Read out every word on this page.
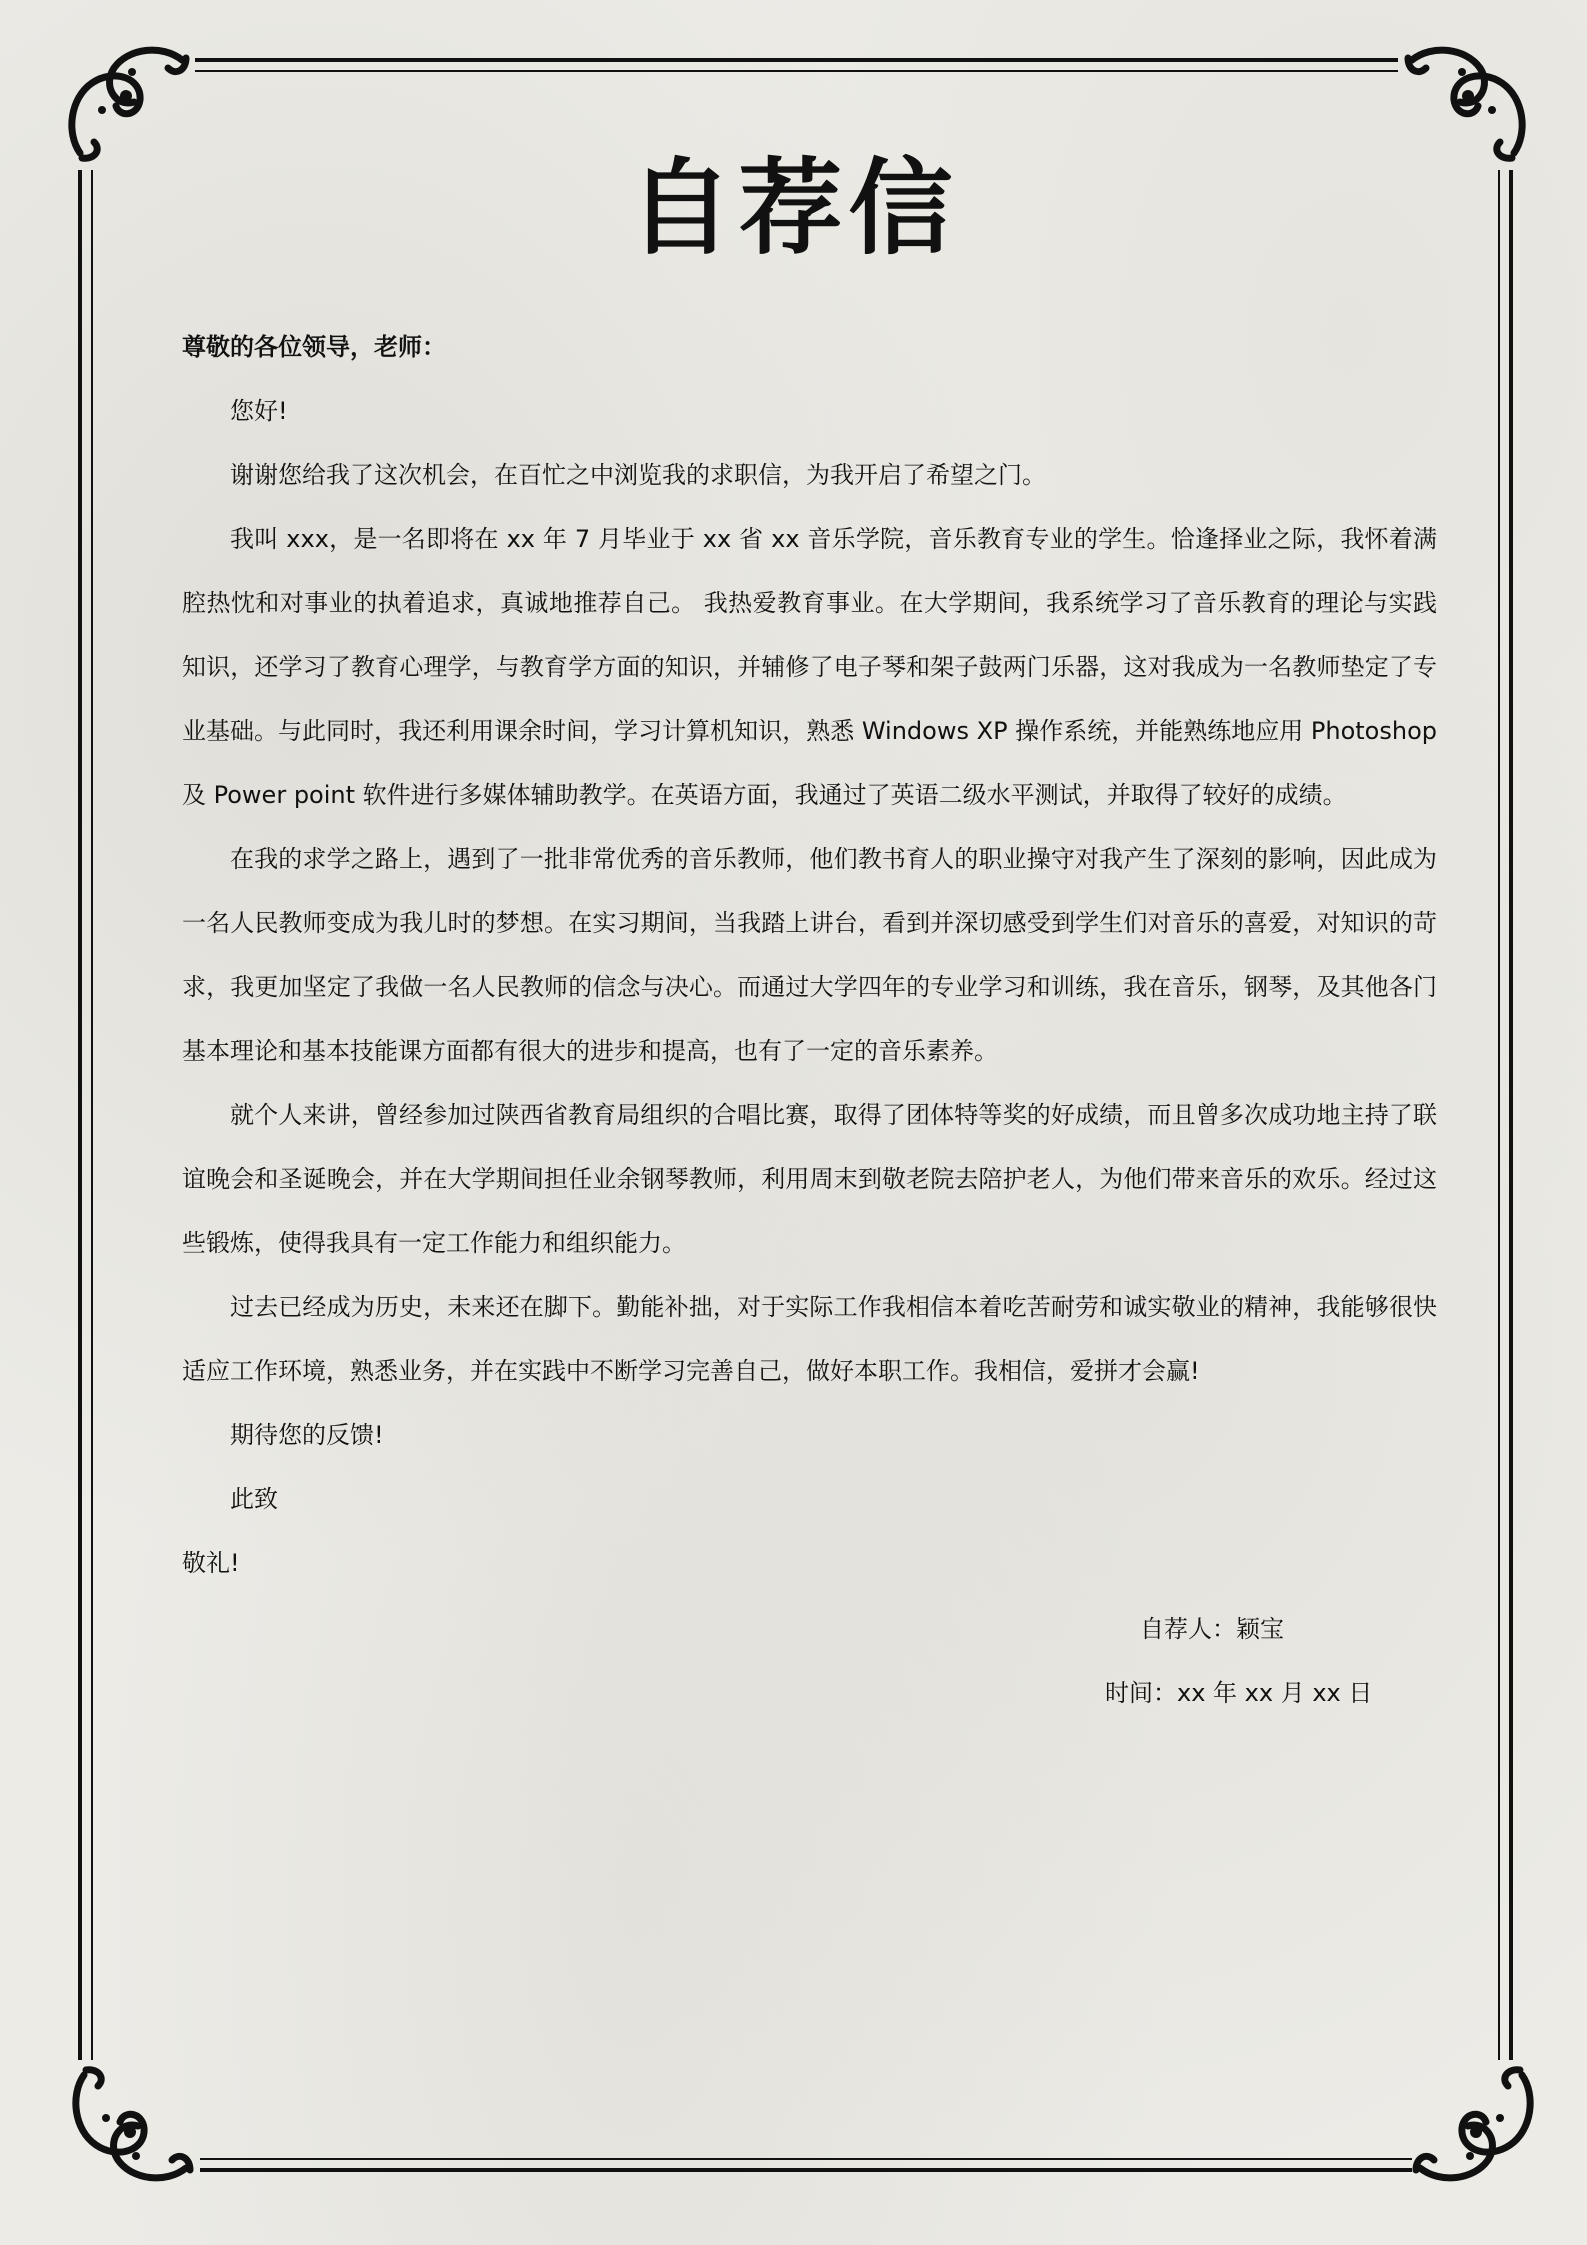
自荐信

尊敬的各位领导，老师：

您好!

谢谢您给我了这次机会，在百忙之中浏览我的求职信，为我开启了希望之门。

我叫 xxx，是一名即将在 xx 年 7 月毕业于 xx 省 xx 音乐学院，音乐教育专业的学生。恰逢择业之际，我怀着满腔热忱和对事业的执着追求，真诚地推荐自己。 我热爱教育事业。在大学期间，我系统学习了音乐教育的理论与实践知识，还学习了教育心理学，与教育学方面的知识，并辅修了电子琴和架子鼓两门乐器，这对我成为一名教师垫定了专业基础。与此同时，我还利用课余时间，学习计算机知识，熟悉 Windows XP 操作系统，并能熟练地应用 Photoshop 及 Power point 软件进行多媒体辅助教学。在英语方面，我通过了英语二级水平测试，并取得了较好的成绩。

在我的求学之路上，遇到了一批非常优秀的音乐教师，他们教书育人的职业操守对我产生了深刻的影响，因此成为一名人民教师变成为我儿时的梦想。在实习期间，当我踏上讲台，看到并深切感受到学生们对音乐的喜爱，对知识的苛求，我更加坚定了我做一名人民教师的信念与决心。而通过大学四年的专业学习和训练，我在音乐，钢琴，及其他各门基本理论和基本技能课方面都有很大的进步和提高，也有了一定的音乐素养。

就个人来讲，曾经参加过陕西省教育局组织的合唱比赛，取得了团体特等奖的好成绩，而且曾多次成功地主持了联谊晚会和圣诞晚会，并在大学期间担任业余钢琴教师，利用周末到敬老院去陪护老人，为他们带来音乐的欢乐。经过这些锻炼，使得我具有一定工作能力和组织能力。

过去已经成为历史，未来还在脚下。勤能补拙，对于实际工作我相信本着吃苦耐劳和诚实敬业的精神，我能够很快适应工作环境，熟悉业务，并在实践中不断学习完善自己，做好本职工作。我相信，爱拼才会赢!

期待您的反馈!

此致

敬礼!

自荐人：颖宝
时间：xx 年 xx 月 xx 日
